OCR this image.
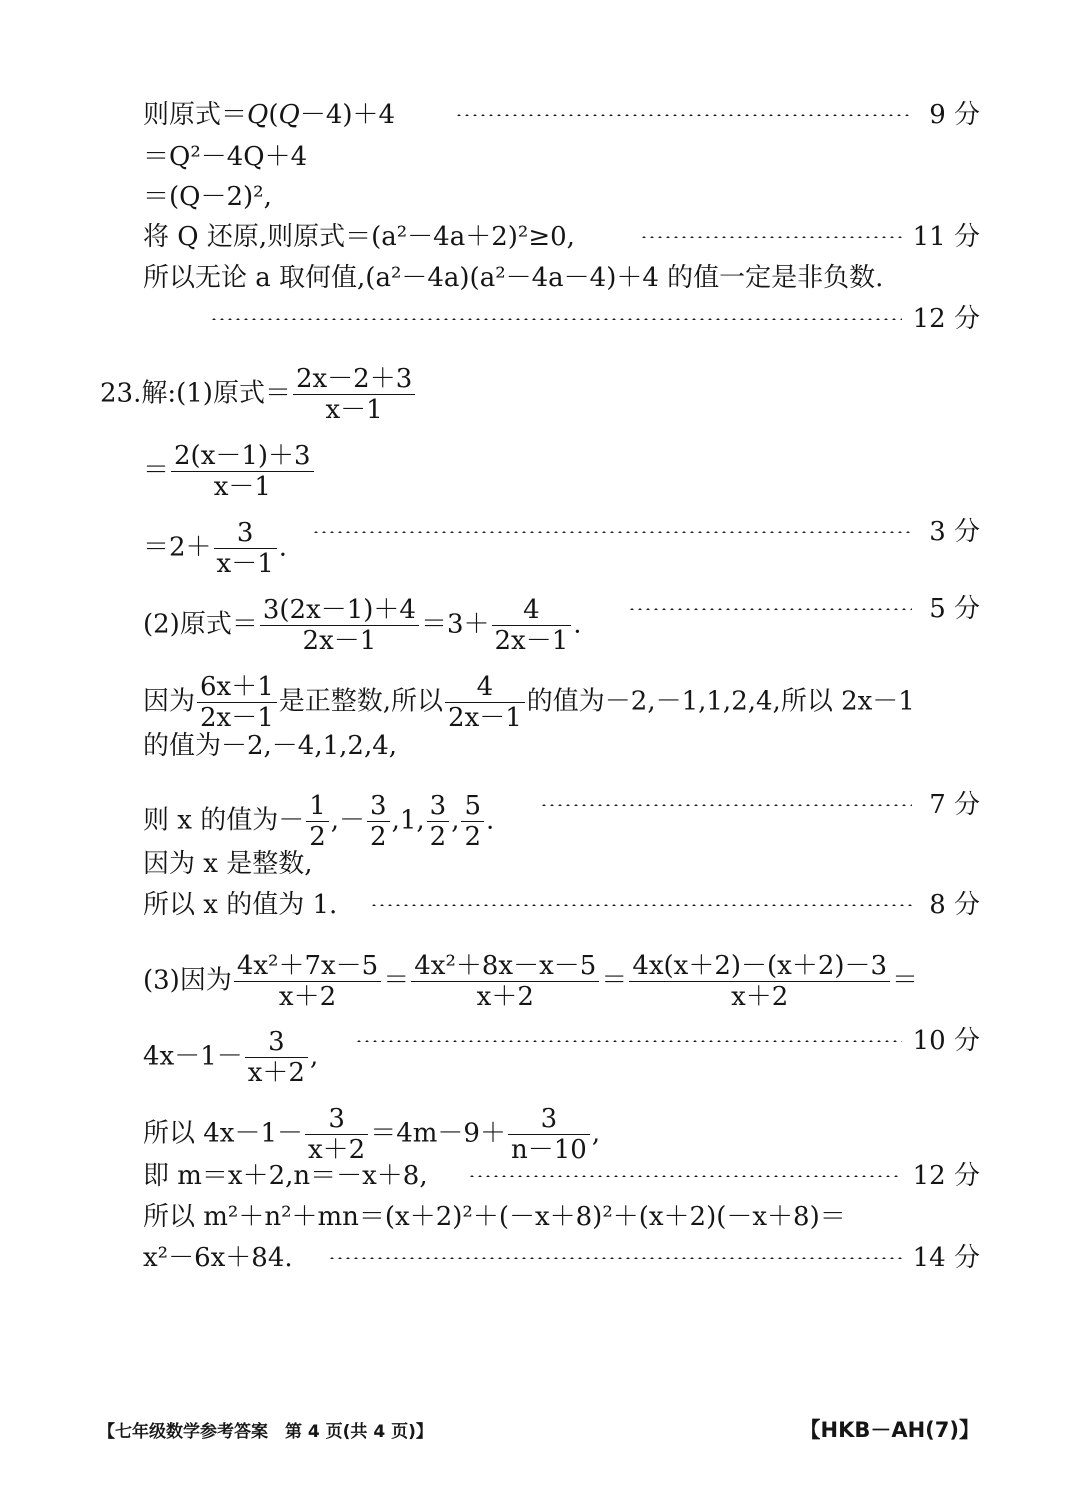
则原式＝Q(Q－4)＋4	9 分
＝Q²－4Q＋4
＝(Q－2)²,
将 Q 还原,则原式＝(a²－4a＋2)²≥0,	11 分
所以无论 a 取何值,(a²－4a)(a²－4a－4)＋4 的值一定是非负数.
12 分
23.解:(1)原式＝ $\frac{2x-2+3}{x-1}$
＝ $\frac{2(x-1)+3}{x-1}$
$=2+ \frac{3}{x-1}$ .
3 分
(2)原式＝ $\frac{3(2x-1)+4}{2x-1} =3+ \frac{4}{2x-1}$ .
5 分
因为 $\frac{6x+1}{2x-1}$ 是正整数,所以 $\frac{4}{2x-1}$ 的值为－2,－1,1,2,4,所以 2x－1
的值为－2,－4,1,2,4,
则 x 的值为－ $\frac{1}{2}$ ,－ $\frac{3}{2} ,1$, $\frac{3}{2}$ , $\frac{5}{2}$ .
7 分
因为 x 是整数,
所以 x 的值为 1.	8 分
(3)因为 $\frac{\text{4x²＋7x－5}}{x+2} = \frac{\text{4x²＋8x－x－5}}{x+2} = \frac{4x(x+2)-(x+2)-3}{x+2}$ ＝
$4x-1- \frac{3}{x+2}$ ,
10 分
所以 $4x-1- \frac{3}{x+2} =4m-9+ \frac{3}{n-10}$ ,
即 m＝x＋2,n＝－x＋8,	12 分
所以 m²＋n²＋mn＝(x＋2)²＋(－x＋8)²＋(x＋2)(－x＋8)＝
x²－6x＋84.	14 分
【七年级数学参考答案　第 4 页(共 4 页)】	【HKB－AH(7)】
